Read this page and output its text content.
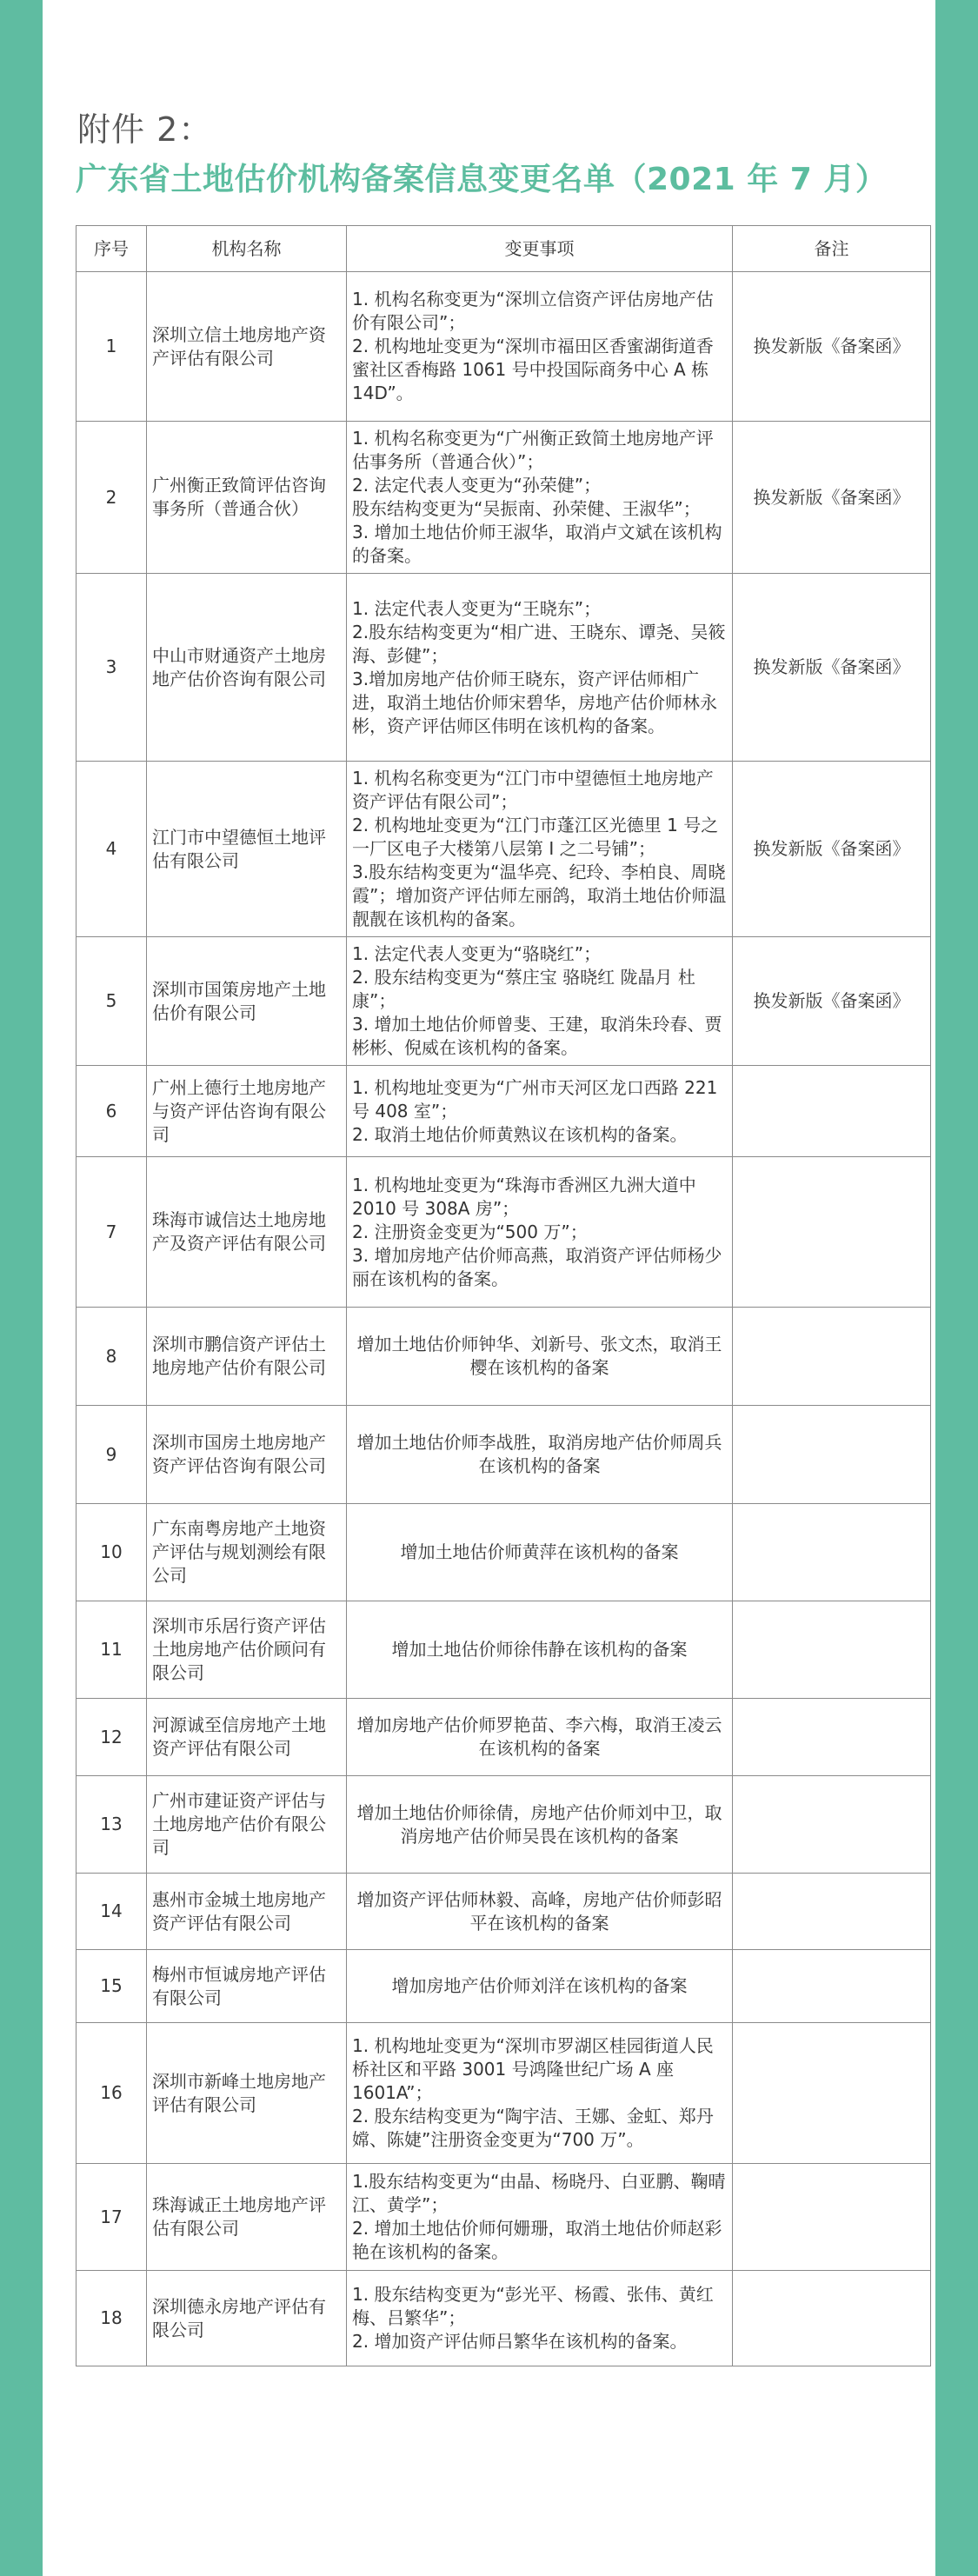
附件 2：
广东省土地估价机构备案信息变更名单（2021 年 7 月）
序号	机构名称	变更事项	备注
1	深圳立信土地房地产资产评估有限公司	1. 机构名称变更为“深圳立信资产评估房地产估价有限公司”；
2. 机构地址变更为“深圳市福田区香蜜湖街道香蜜社区香梅路 1061 号中投国际商务中心 A 栋 14D”。	换发新版《备案函》
2	广州衡正致简评估咨询事务所（普通合伙）	1. 机构名称变更为“广州衡正致简土地房地产评估事务所（普通合伙）”；
2. 法定代表人变更为“孙荣健”；
股东结构变更为“吴振南、孙荣健、王淑华”；
3. 增加土地估价师王淑华，取消卢文斌在该机构的备案。	换发新版《备案函》
3	中山市财通资产土地房地产估价咨询有限公司	1. 法定代表人变更为“王晓东”；
2.股东结构变更为“相广进、王晓东、谭尧、吴筱海、彭健”；
3.增加房地产估价师王晓东，资产评估师相广进，取消土地估价师宋碧华，房地产估价师林永彬，资产评估师区伟明在该机构的备案。	换发新版《备案函》
4	江门市中望德恒土地评估有限公司	1. 机构名称变更为“江门市中望德恒土地房地产资产评估有限公司”；
2. 机构地址变更为“江门市蓬江区光德里 1 号之一厂区电子大楼第八层第 I 之二号铺”；
3.股东结构变更为“温华亮、纪玲、李柏良、周晓霞”；增加资产评估师左丽鸽，取消土地估价师温靓靓在该机构的备案。	换发新版《备案函》
5	深圳市国策房地产土地估价有限公司	1. 法定代表人变更为“骆晓红”；
2. 股东结构变更为“蔡庄宝 骆晓红 陇晶月 杜康”；
3. 增加土地估价师曾斐、王建，取消朱玲春、贾彬彬、倪威在该机构的备案。	换发新版《备案函》
6	广州上德行土地房地产与资产评估咨询有限公司	1. 机构地址变更为“广州市天河区龙口西路 221 号 408 室”；
2. 取消土地估价师黄熟议在该机构的备案。	

7	珠海市诚信达土地房地产及资产评估有限公司	1. 机构地址变更为“珠海市香洲区九洲大道中 2010 号 308A 房”；
2. 注册资金变更为“500 万”；
3. 增加房地产估价师高燕，取消资产评估师杨少丽在该机构的备案。	

8	深圳市鹏信资产评估土地房地产估价有限公司	增加土地估价师钟华、刘新号、张文杰，取消王樱在该机构的备案	

9	深圳市国房土地房地产资产评估咨询有限公司	增加土地估价师李战胜，取消房地产估价师周兵在该机构的备案	

10	广东南粤房地产土地资产评估与规划测绘有限公司	增加土地估价师黄萍在该机构的备案	

11	深圳市乐居行资产评估土地房地产估价顾问有限公司	增加土地估价师徐伟静在该机构的备案	

12	河源诚至信房地产土地资产评估有限公司	增加房地产估价师罗艳苗、李六梅，取消王凌云在该机构的备案	

13	广州市建证资产评估与土地房地产估价有限公司	增加土地估价师徐倩，房地产估价师刘中卫，取消房地产估价师吴畏在该机构的备案	

14	惠州市金城土地房地产资产评估有限公司	增加资产评估师林毅、高峰，房地产估价师彭昭平在该机构的备案	

15	梅州市恒诚房地产评估有限公司	增加房地产估价师刘洋在该机构的备案	

16	深圳市新峰土地房地产评估有限公司	1. 机构地址变更为“深圳市罗湖区桂园街道人民桥社区和平路 3001 号鸿隆世纪广场 A 座 1601A”；
2. 股东结构变更为“陶宇洁、王娜、金虹、郑丹嫦、陈婕”注册资金变更为“700 万”。	

17	珠海诚正土地房地产评估有限公司	1.股东结构变更为“由晶、杨晓丹、白亚鹏、鞠晴江、黄学”；
2. 增加土地估价师何姗珊，取消土地估价师赵彩艳在该机构的备案。	

18	深圳德永房地产评估有限公司	1. 股东结构变更为“彭光平、杨霞、张伟、黄红梅、吕繁华”；
2. 增加资产评估师吕繁华在该机构的备案。	
